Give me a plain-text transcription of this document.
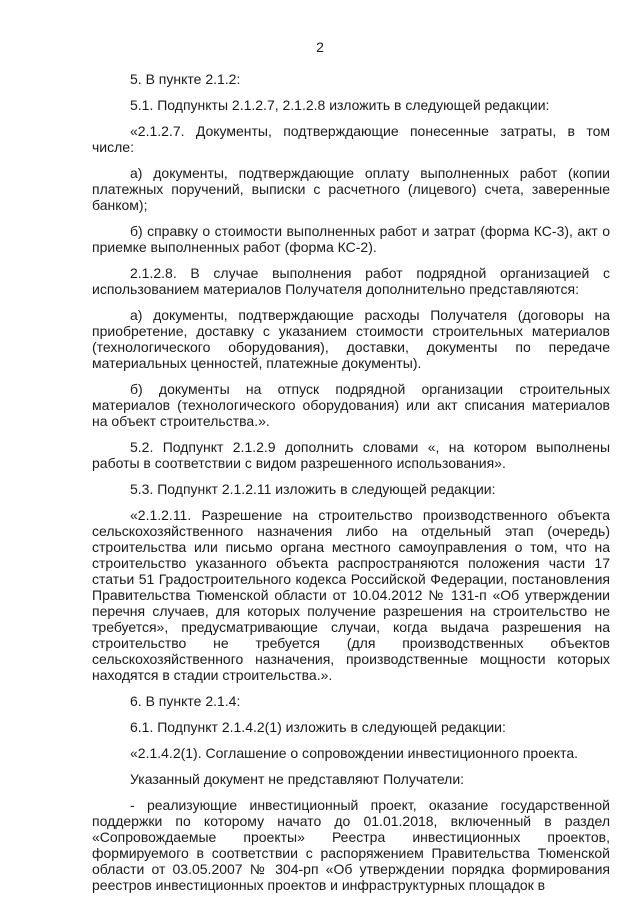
2

5. В пункте 2.1.2:

5.1. Подпункты 2.1.2.7, 2.1.2.8 изложить в следующей редакции:

«2.1.2.7. Документы, подтверждающие понесенные затраты, в том числе:

а) документы, подтверждающие оплату выполненных работ (копии платежных поручений, выписки с расчетного (лицевого) счета, заверенные банком);

б) справку о стоимости выполненных работ и затрат (форма КС-3), акт о приемке выполненных работ (форма КС-2).

2.1.2.8. В случае выполнения работ подрядной организацией с использованием материалов Получателя дополнительно представляются:

а) документы, подтверждающие расходы Получателя (договоры на приобретение, доставку с указанием стоимости строительных материалов (технологического оборудования), доставки, документы по передаче материальных ценностей, платежные документы).

б) документы на отпуск подрядной организации строительных материалов (технологического оборудования) или акт списания материалов на объект строительства.».

5.2. Подпункт 2.1.2.9 дополнить словами «, на котором выполнены работы в соответствии с видом разрешенного использования».

5.3. Подпункт 2.1.2.11 изложить в следующей редакции:

«2.1.2.11. Разрешение на строительство производственного объекта сельскохозяйственного назначения либо на отдельный этап (очередь) строительства или письмо органа местного самоуправления о том, что на строительство указанного объекта распространяются положения части 17 статьи 51 Градостроительного кодекса Российской Федерации, постановления Правительства Тюменской области от 10.04.2012 № 131-п «Об утверждении перечня случаев, для которых получение разрешения на строительство не требуется», предусматривающие случаи, когда выдача разрешения на строительство не требуется (для производственных объектов сельскохозяйственного назначения, производственные мощности которых находятся в стадии строительства.».

6. В пункте 2.1.4:

6.1. Подпункт 2.1.4.2(1) изложить в следующей редакции:

«2.1.4.2(1). Соглашение о сопровождении инвестиционного проекта.

Указанный документ не представляют Получатели:

- реализующие инвестиционный проект, оказание государственной поддержки по которому начато до 01.01.2018, включенный в раздел «Сопровождаемые проекты» Реестра инвестиционных проектов, формируемого в соответствии с распоряжением Правительства Тюменской области от 03.05.2007 № 304-рп «Об утверждении порядка формирования реестров инвестиционных проектов и инфраструктурных площадок в
